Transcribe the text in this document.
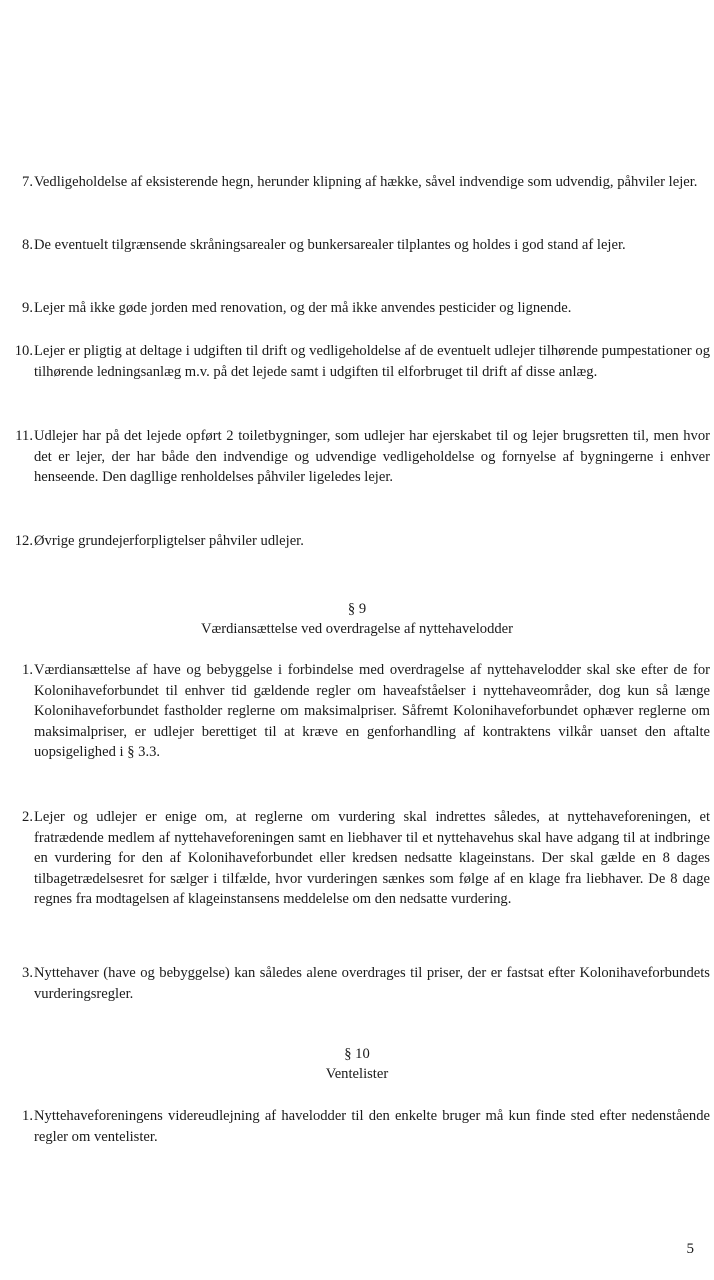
7. Vedligeholdelse af eksisterende hegn, herunder klipning af hække, såvel indvendige som udvendig, påhviler lejer.
8. De eventuelt tilgrænsende skråningsarealer og bunkersarealer tilplantes og holdes i god stand af lejer.
9. Lejer må ikke gøde jorden med renovation, og der må ikke anvendes pesticider og lignende.
10. Lejer er pligtig at deltage i udgiften til drift og vedligeholdelse af de eventuelt udlejer tilhørende pumpestationer og tilhørende ledningsanlæg m.v. på det lejede samt i udgiften til elforbruget til drift af disse anlæg.
11. Udlejer har på det lejede opført 2 toiletbygninger, som udlejer har ejerskabet til og lejer brugsretten til, men hvor det er lejer, der har både den indvendige og udvendige vedligeholdelse og fornyelse af bygningerne i enhver henseende. Den dagllige renholdelses påhviler ligeledes lejer.
12. Øvrige grundejerforpligtelser påhviler udlejer.
§ 9
Værdiansættelse ved overdragelse af nyttehavelodder
1. Værdiansættelse af have og bebyggelse i forbindelse med overdragelse af nyttehavelodder skal ske efter de for Kolonihaveforbundet til enhver tid gældende regler om haveafståelser i nyttehaveområder, dog kun så længe Kolonihaveforbundet fastholder reglerne om maksimalpriser. Såfremt Kolonihaveforbundet ophæver reglerne om maksimalpriser, er udlejer berettiget til at kræve en genforhandling af kontraktens vilkår uanset den aftalte uopsigelighed i § 3.3.
2. Lejer og udlejer er enige om, at reglerne om vurdering skal indrettes således, at nyttehaveforeningen, et fratrædende medlem af nyttehaveforeningen samt en liebhaver til et nyttehavehus skal have adgang til at indbringe en vurdering for den af Kolonihaveforbundet eller kredsen nedsatte klageinstans. Der skal gælde en 8 dages tilbagetrædelsesret for sælger i tilfælde, hvor vurderingen sænkes som følge af en klage fra liebhaver. De 8 dage regnes fra modtagelsen af klageinstansens meddelelse om den nedsatte vurdering.
3. Nyttehaver (have og bebyggelse) kan således alene overdrages til priser, der er fastsat efter Kolonihaveforbundets vurderingsregler.
§ 10
Ventelister
1. Nyttehaveforeningens videreudlejning af havelodder til den enkelte bruger må kun finde sted efter nedenstående regler om ventelister.
5
